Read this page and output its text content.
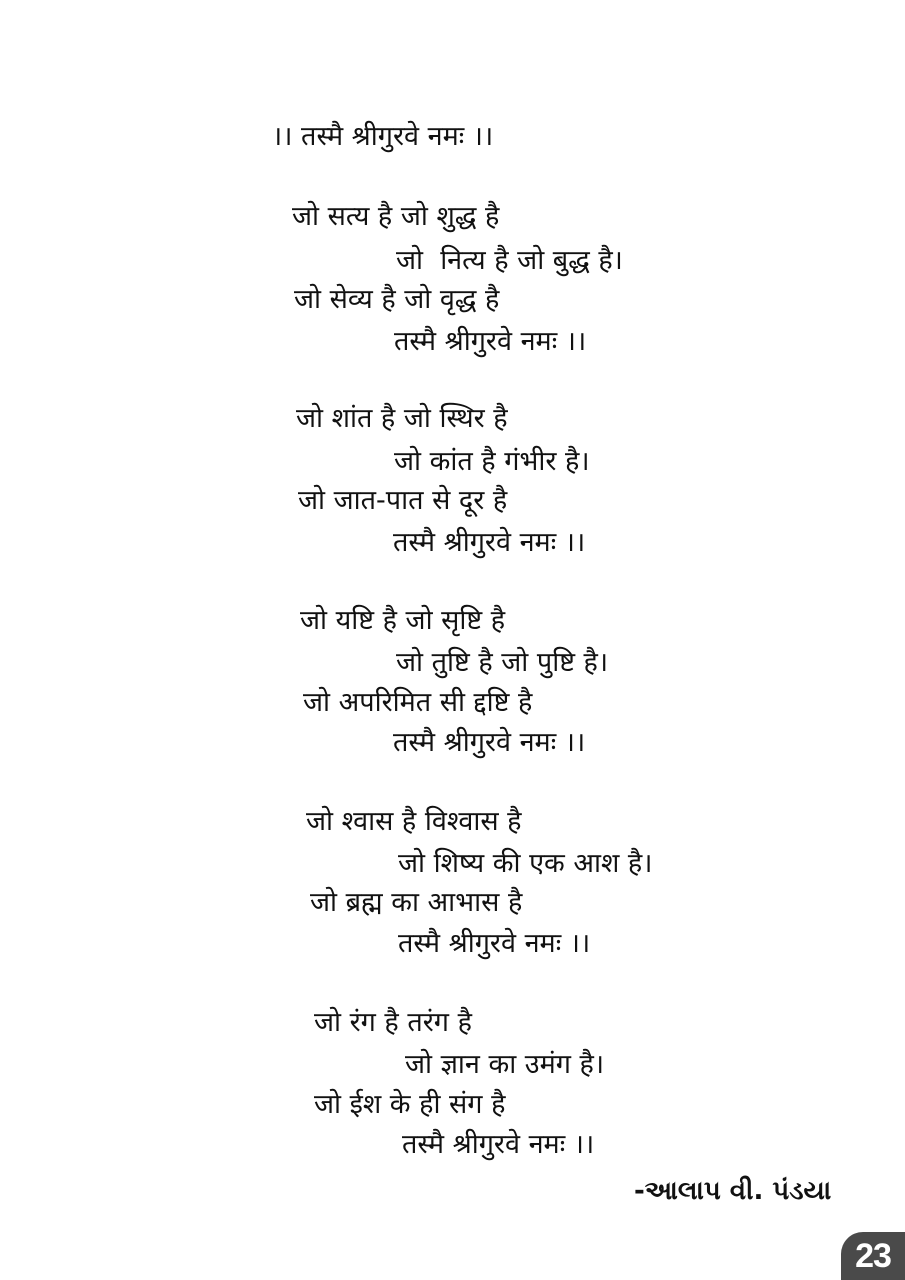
।। तस्मै श्रीगुरवे नमः ।।
जो सत्य है जो शुद्ध है
जो  नित्य है जो बुद्ध है।
जो सेव्य है जो वृद्ध है
तस्मै श्रीगुरवे नमः ।।
जो शांत है जो स्थिर है
जो कांत है गंभीर है।
जो जात-पात से दूर है
तस्मै श्रीगुरवे नमः ।।
जो यष्टि है जो सृष्टि है
जो तुष्टि है जो पुष्टि है।
जो अपरिमित सी द्दष्टि है
तस्मै श्रीगुरवे नमः ।।
जो श्वास है विश्वास है
जो शिष्य की एक आश है।
जो ब्रह्म का आभास है
तस्मै श्रीगुरवे नमः ।।
जो रंग है तरंग है
जो ज्ञान का उमंग है।
जो ईश के ही संग है
तस्मै श्रीगुरवे नमः ।।
-આલાપ વી. પંડયા
23
